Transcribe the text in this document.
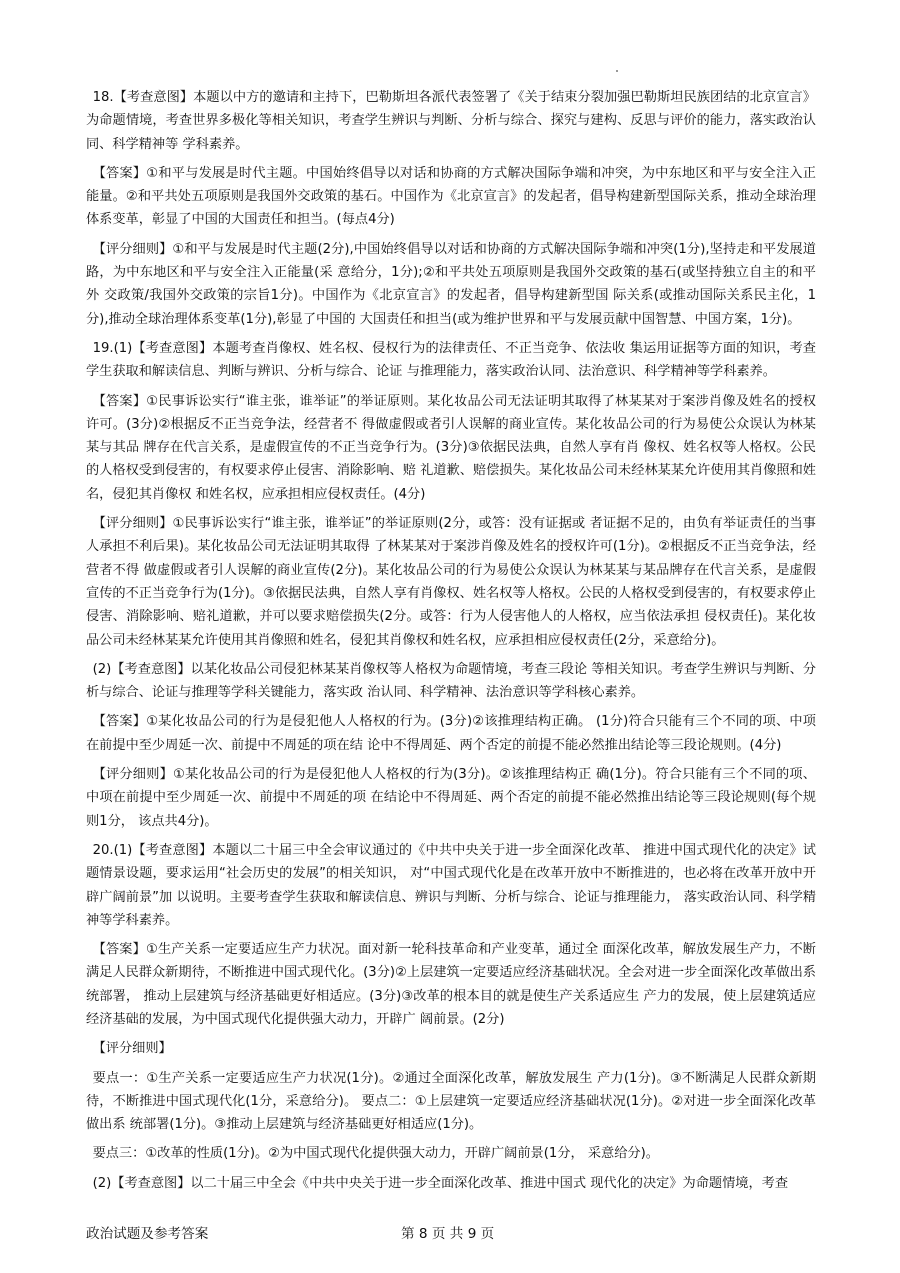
18.【考查意图】本题以中方的邀请和主持下，巴勒斯坦各派代表签署了《关于结束分裂加强巴勒斯坦民族团结的北京宣言》为命题情境，考查世界多极化等相关知识，考查学生辨识与判断、分析与综合、探究与建构、反思与评价的能力，落实政治认同、科学精神等 学科素养。

【答案】①和平与发展是时代主题。中国始终倡导以对话和协商的方式解决国际争端和冲突，为中东地区和平与安全注入正能量。②和平共处五项原则是我国外交政策的基石。中国作为《北京宣言》的发起者，倡导构建新型国际关系，推动全球治理体系变革，彰显了中国的大国责任和担当。(每点4分)

【评分细则】①和平与发展是时代主题(2分),中国始终倡导以对话和协商的方式解决国际争端和冲突(1分),坚持走和平发展道路，为中东地区和平与安全注入正能量(采 意给分，1分);②和平共处五项原则是我国外交政策的基石(或坚持独立自主的和平外 交政策/我国外交政策的宗旨1分)。中国作为《北京宣言》的发起者，倡导构建新型国 际关系(或推动国际关系民主化，1分),推动全球治理体系变革(1分),彰显了中国的 大国责任和担当(或为维护世界和平与发展贡献中国智慧、中国方案，1分)。

19.(1)【考查意图】本题考查肖像权、姓名权、侵权行为的法律责任、不正当竞争、依法收 集运用证据等方面的知识，考查学生获取和解读信息、判断与辨识、分析与综合、论证 与推理能力，落实政治认同、法治意识、科学精神等学科素养。

【答案】①民事诉讼实行“谁主张，谁举证”的举证原则。某化妆品公司无法证明其取得了林某某对于案涉肖像及姓名的授权许可。(3分)②根据反不正当竞争法，经营者不 得做虚假或者引人误解的商业宣传。某化妆品公司的行为易使公众误认为林某某与其品 牌存在代言关系，是虚假宣传的不正当竞争行为。(3分)③依据民法典，自然人享有肖 像权、姓名权等人格权。公民的人格权受到侵害的，有权要求停止侵害、消除影响、赔 礼道歉、赔偿损失。某化妆品公司未经林某某允许使用其肖像照和姓名，侵犯其肖像权 和姓名权，应承担相应侵权责任。(4分)

【评分细则】①民事诉讼实行“谁主张，谁举证”的举证原则(2分，或答：没有证据或 者证据不足的，由负有举证责任的当事人承担不利后果)。某化妆品公司无法证明其取得 了林某某对于案涉肖像及姓名的授权许可(1分)。②根据反不正当竞争法，经营者不得 做虚假或者引人误解的商业宣传(2分)。某化妆品公司的行为易使公众误认为林某某与某品牌存在代言关系，是虚假宣传的不正当竞争行为(1分)。③依据民法典，自然人享有肖像权、姓名权等人格权。公民的人格权受到侵害的，有权要求停止侵害、消除影响、赔礼道歉，并可以要求赔偿损失(2分。或答：行为人侵害他人的人格权，应当依法承担 侵权责任)。某化妆品公司未经林某某允许使用其肖像照和姓名，侵犯其肖像权和姓名权，应承担相应侵权责任(2分，采意给分)。

(2)【考查意图】以某化妆品公司侵犯林某某肖像权等人格权为命题情境，考查三段论 等相关知识。考查学生辨识与判断、分析与综合、论证与推理等学科关键能力，落实政 治认同、科学精神、法治意识等学科核心素养。

【答案】①某化妆品公司的行为是侵犯他人人格权的行为。(3分)②该推理结构正确。 (1分)符合只能有三个不同的项、中项在前提中至少周延一次、前提中不周延的项在结 论中不得周延、两个否定的前提不能必然推出结论等三段论规则。(4分)

【评分细则】①某化妆品公司的行为是侵犯他人人格权的行为(3分)。②该推理结构正 确(1分)。符合只能有三个不同的项、中项在前提中至少周延一次、前提中不周延的项 在结论中不得周延、两个否定的前提不能必然推出结论等三段论规则(每个规则1分， 该点共4分)。

20.(1)【考查意图】本题以二十届三中全会审议通过的《中共中央关于进一步全面深化改革、 推进中国式现代化的决定》试题情景设题，要求运用“社会历史的发展”的相关知识， 对“中国式现代化是在改革开放中不断推进的，也必将在改革开放中开辟广阔前景”加 以说明。主要考查学生获取和解读信息、辨识与判断、分析与综合、论证与推理能力， 落实政治认同、科学精神等学科素养。

【答案】①生产关系一定要适应生产力状况。面对新一轮科技革命和产业变革，通过全 面深化改革，解放发展生产力，不断满足人民群众新期待，不断推进中国式现代化。(3分)②上层建筑一定要适应经济基础状况。全会对进一步全面深化改革做出系统部署， 推动上层建筑与经济基础更好相适应。(3分)③改革的根本目的就是使生产关系适应生 产力的发展，使上层建筑适应经济基础的发展，为中国式现代化提供强大动力，开辟广 阔前景。(2分)

【评分细则】

要点一：①生产关系一定要适应生产力状况(1分)。②通过全面深化改革，解放发展生 产力(1分)。③不断满足人民群众新期待，不断推进中国式现代化(1分，采意给分)。 要点二：①上层建筑一定要适应经济基础状况(1分)。②对进一步全面深化改革做出系 统部署(1分)。③推动上层建筑与经济基础更好相适应(1分)。

要点三：①改革的性质(1分)。②为中国式现代化提供强大动力，开辟广阔前景(1分， 采意给分)。

(2)【考查意图】以二十届三中全会《中共中央关于进一步全面深化改革、推进中国式 现代化的决定》为命题情境，考查

政治试题及参考答案	第 8 页 共 9 页
